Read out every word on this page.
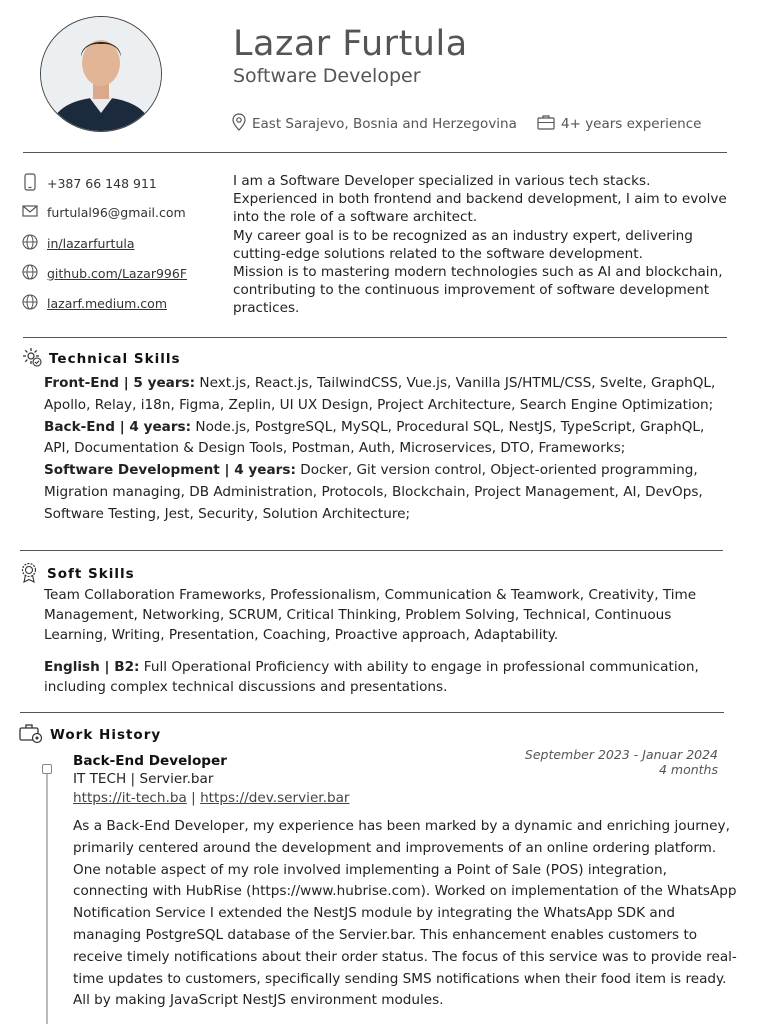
Lazar Furtula
Software Developer
East Sarajevo, Bosnia and Herzegovina	4+ years experience
+387 66 148 911
furtulal96@gmail.com
in/lazarfurtula
github.com/Lazar996F
lazarf.medium.com

I am a Software Developer specialized in various tech stacks. Experienced in both frontend and backend development, I aim to evolve into the role of a software architect.

My career goal is to be recognized as an industry expert, delivering cutting-edge solutions related to the software development.

Mission is to mastering modern technologies such as AI and blockchain, contributing to the continuous improvement of software development practices.

Technical Skills
Front-End | 5 years: Next.js, React.js, TailwindCSS, Vue.js, Vanilla JS/HTML/CSS, Svelte, GraphQL, Apollo, Relay, i18n, Figma, Zeplin, UI UX Design, Project Architecture, Search Engine Optimization;
Back-End | 4 years: Node.js, PostgreSQL, MySQL, Procedural SQL, NestJS, TypeScript, GraphQL, API, Documentation & Design Tools, Postman, Auth, Microservices, DTO, Frameworks;
Software Development | 4 years: Docker, Git version control, Object-oriented programming, Migration managing, DB Administration, Protocols, Blockchain, Project Management, AI, DevOps, Software Testing, Jest, Security, Solution Architecture;
Soft Skills
Team Collaboration Frameworks, Professionalism, Communication & Teamwork, Creativity, Time Management, Networking, SCRUM, Critical Thinking, Problem Solving, Technical, Continuous Learning, Writing, Presentation, Coaching, Proactive approach, Adaptability.
English | B2: Full Operational Proficiency with ability to engage in professional communication, including complex technical discussions and presentations.
Work History
Back-End Developer
IT TECH | Servier.bar
September 2023 - Januar 2024
4 months
https://it-tech.ba | https://dev.servier.bar
As a Back-End Developer, my experience has been marked by a dynamic and enriching journey, primarily centered around the development and improvements of an online ordering platform. One notable aspect of my role involved implementing a Point of Sale (POS) integration, connecting with HubRise (https://www.hubrise.com). Worked on implementation of the WhatsApp Notification Service I extended the NestJS module by integrating the WhatsApp SDK and managing PostgreSQL database of the Servier.bar. This enhancement enables customers to receive timely notifications about their order status. The focus of this service was to provide real-time updates to customers, specifically sending SMS notifications when their food item is ready. All by making JavaScript NestJS environment modules.
